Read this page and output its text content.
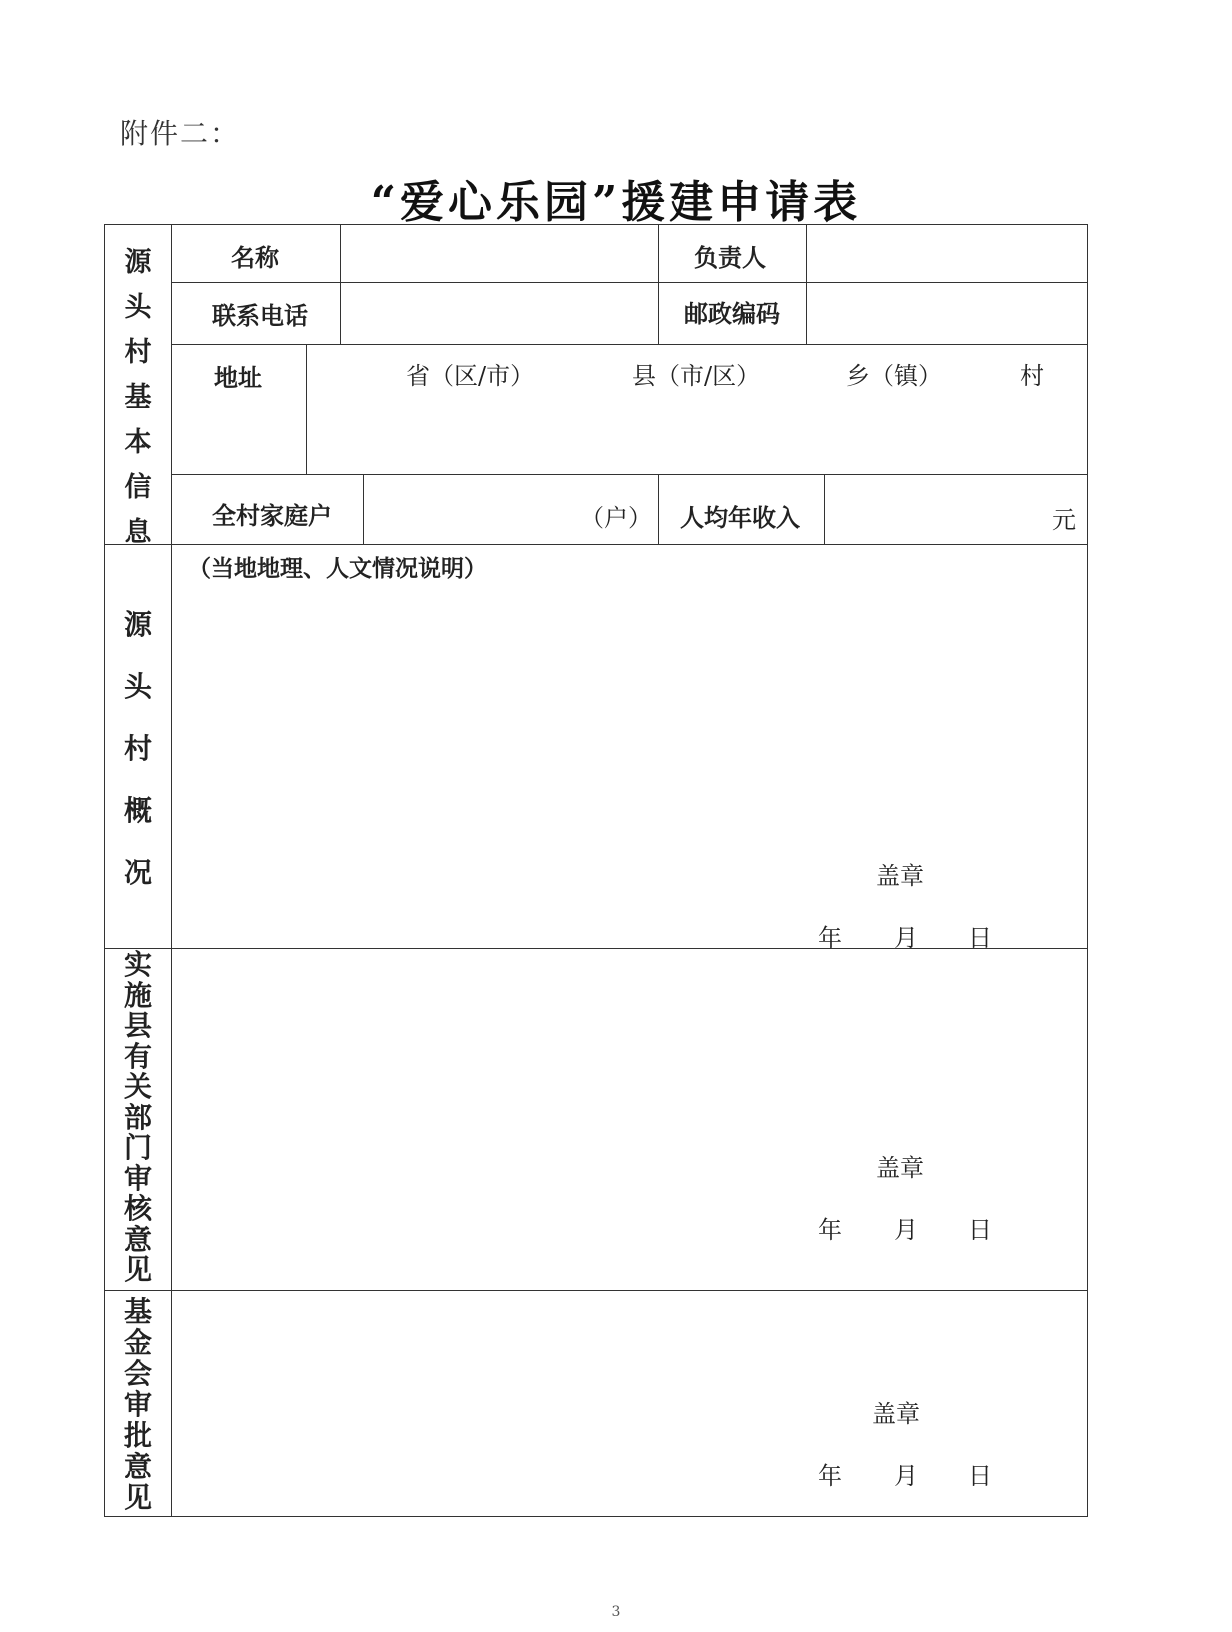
附件二：
“爱心乐园”援建申请表
源
头
村
基
本
信
息
名称	负责人
联系电话	邮政编码
地址	省（区/市）	县（市/区）	乡（镇）	村
全村家庭户	（户） 人均年收入	元
源
头
村
概
况
（当地地理、人文情况说明）
盖章
年 月 日
实
施
县
有
关
部
门
审
核
意
见
盖章
年 月 日
基
金
会
审
批
意
见
盖章
年 月 日
3
